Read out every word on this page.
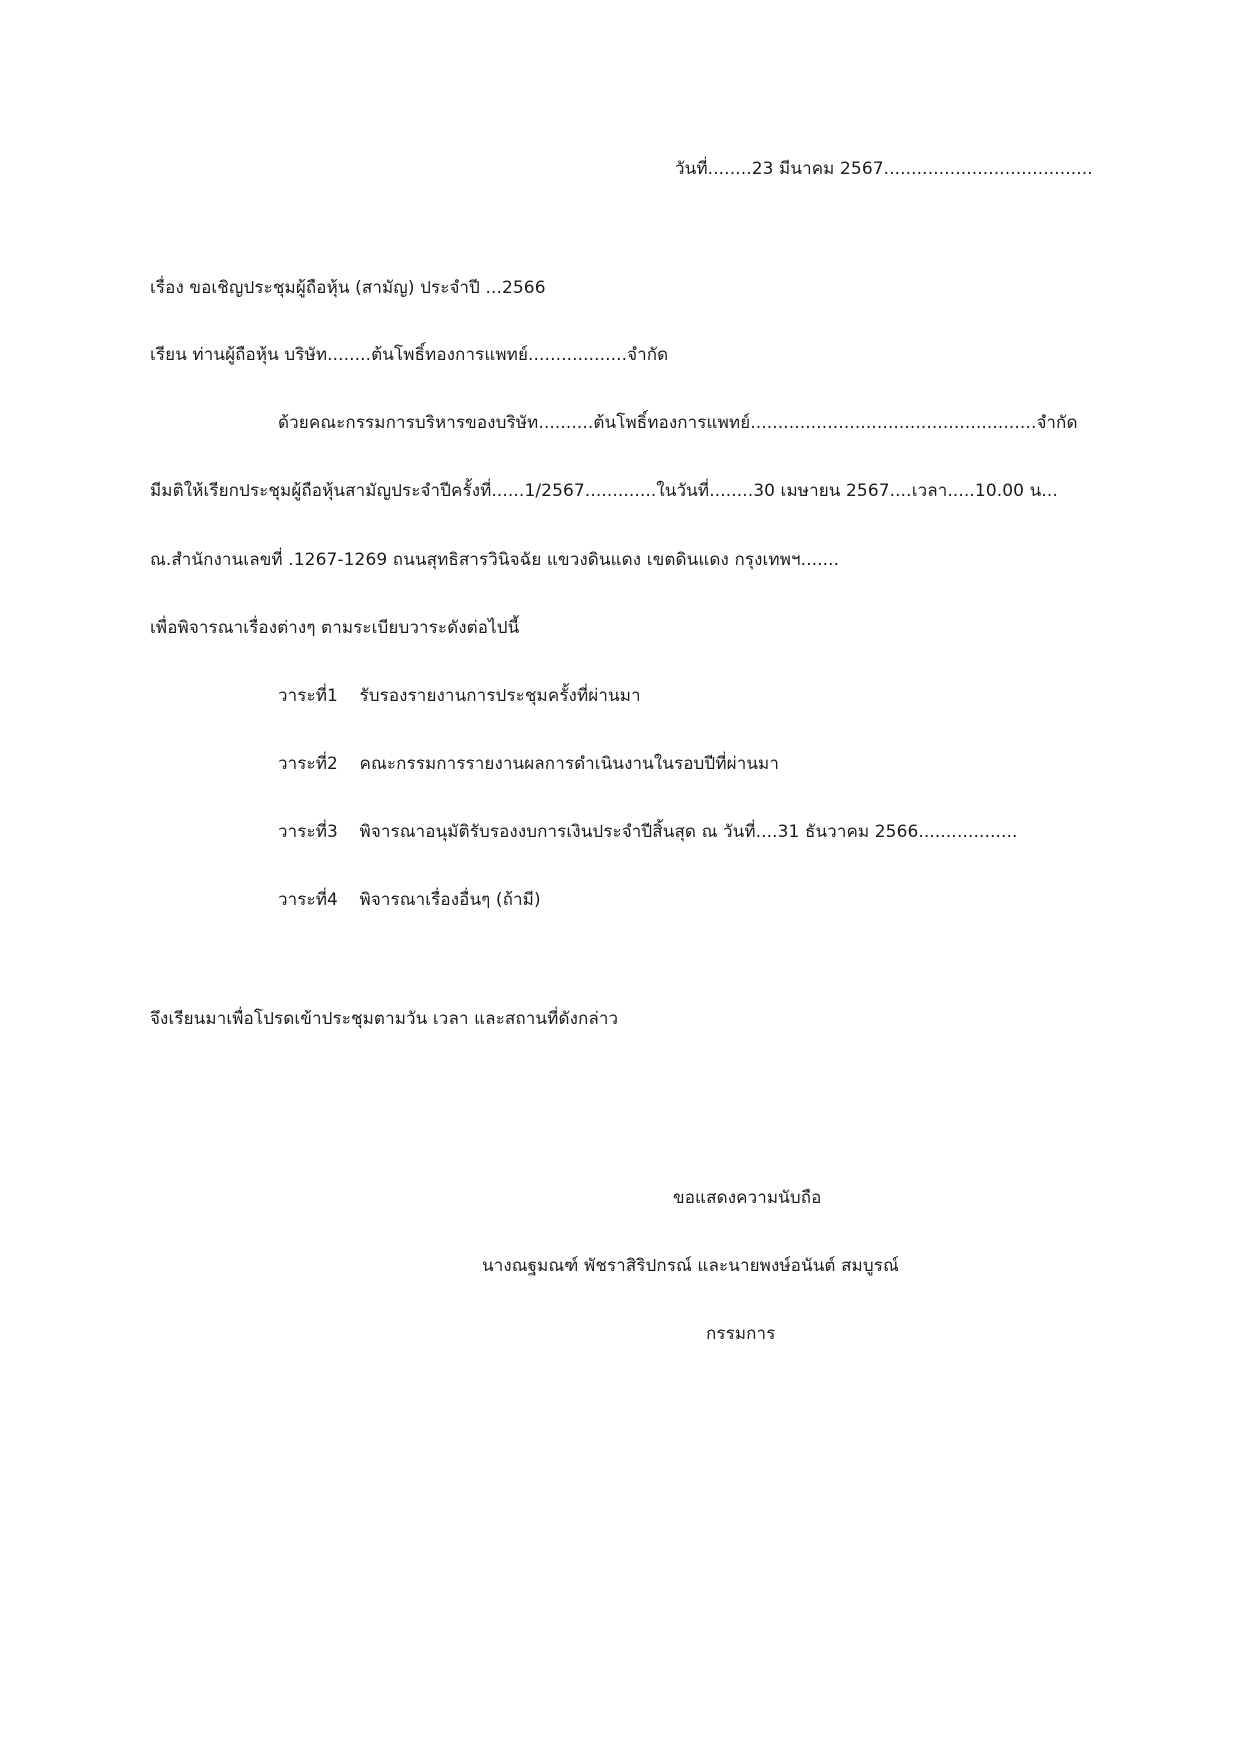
วันที่........23 มีนาคม 2567......................................
เรื่อง ขอเชิญประชุมผู้ถือหุ้น (สามัญ) ประจำปี ...2566
เรียน ท่านผู้ถือหุ้น บริษัท........ต้นโพธิ์ทองการแพทย์..................จำกัด
ด้วยคณะกรรมการบริหารของบริษัท..........ต้นโพธิ์ทองการแพทย์....................................................จำกัด
มีมติให้เรียกประชุมผู้ถือหุ้นสามัญประจำปีครั้งที่......1/2567.............ในวันที่........30 เมษายน 2567....เวลา.....10.00 น...
ณ.สำนักงานเลขที่ .1267-1269 ถนนสุทธิสารวินิจฉัย แขวงดินแดง เขตดินแดง กรุงเทพฯ.......
เพื่อพิจารณาเรื่องต่างๆ ตามระเบียบวาระดังต่อไปนี้
วาระที่1 รับรองรายงานการประชุมครั้งที่ผ่านมา
วาระที่2 คณะกรรมการรายงานผลการดำเนินงานในรอบปีที่ผ่านมา
วาระที่3 พิจารณาอนุมัติรับรองงบการเงินประจำปีสิ้นสุด ณ วันที่....31 ธันวาคม 2566..................
วาระที่4 พิจารณาเรื่องอื่นๆ (ถ้ามี)
จึงเรียนมาเพื่อโปรดเข้าประชุมตามวัน เวลา และสถานที่ดังกล่าว
ขอแสดงความนับถือ
นางณฐมณฑ์ พัชราสิริปกรณ์ และนายพงษ์อนันต์ สมบูรณ์
กรรมการ
